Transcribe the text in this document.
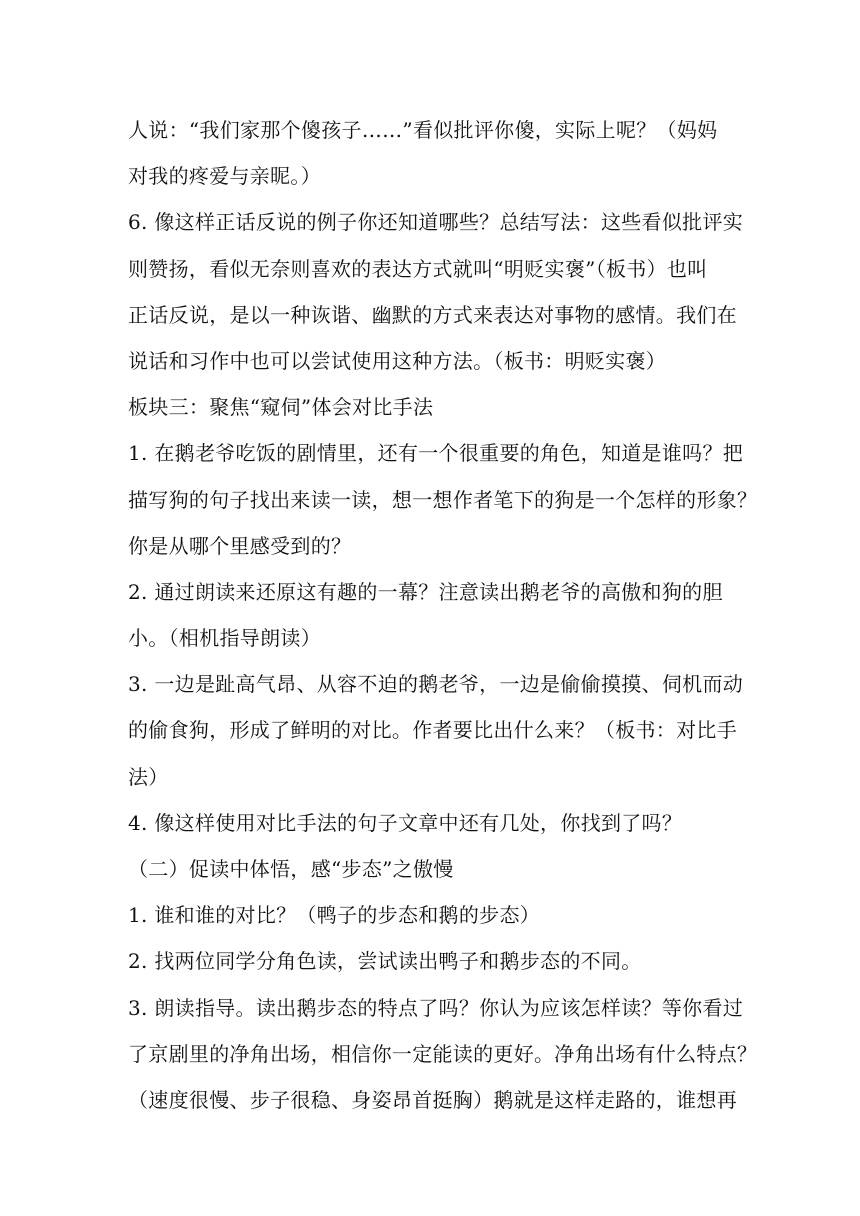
人说：“我们家那个傻孩子……”看似批评你傻，实际上呢？（妈妈
对我的疼爱与亲昵。）
6. 像这样正话反说的例子你还知道哪些？总结写法：这些看似批评实
则赞扬，看似无奈则喜欢的表达方式就叫“明贬实褒”（板书）也叫
正话反说，是以一种诙谐、幽默的方式来表达对事物的感情。我们在
说话和习作中也可以尝试使用这种方法。（板书：明贬实褒）
板块三：聚焦“窥伺”体会对比手法
1. 在鹅老爷吃饭的剧情里，还有一个很重要的角色，知道是谁吗？把
描写狗的句子找出来读一读，想一想作者笔下的狗是一个怎样的形象？
你是从哪个里感受到的？
2. 通过朗读来还原这有趣的一幕？注意读出鹅老爷的高傲和狗的胆
小。（相机指导朗读）
3. 一边是趾高气昂、从容不迫的鹅老爷，一边是偷偷摸摸、伺机而动
的偷食狗，形成了鲜明的对比。作者要比出什么来？（板书：对比手
法）
4. 像这样使用对比手法的句子文章中还有几处，你找到了吗？
（二）促读中体悟，感“步态”之傲慢
1. 谁和谁的对比？（鸭子的步态和鹅的步态）
2. 找两位同学分角色读，尝试读出鸭子和鹅步态的不同。
3. 朗读指导。读出鹅步态的特点了吗？你认为应该怎样读？等你看过
了京剧里的净角出场，相信你一定能读的更好。净角出场有什么特点？
（速度很慢、步子很稳、身姿昂首挺胸）鹅就是这样走路的，谁想再
